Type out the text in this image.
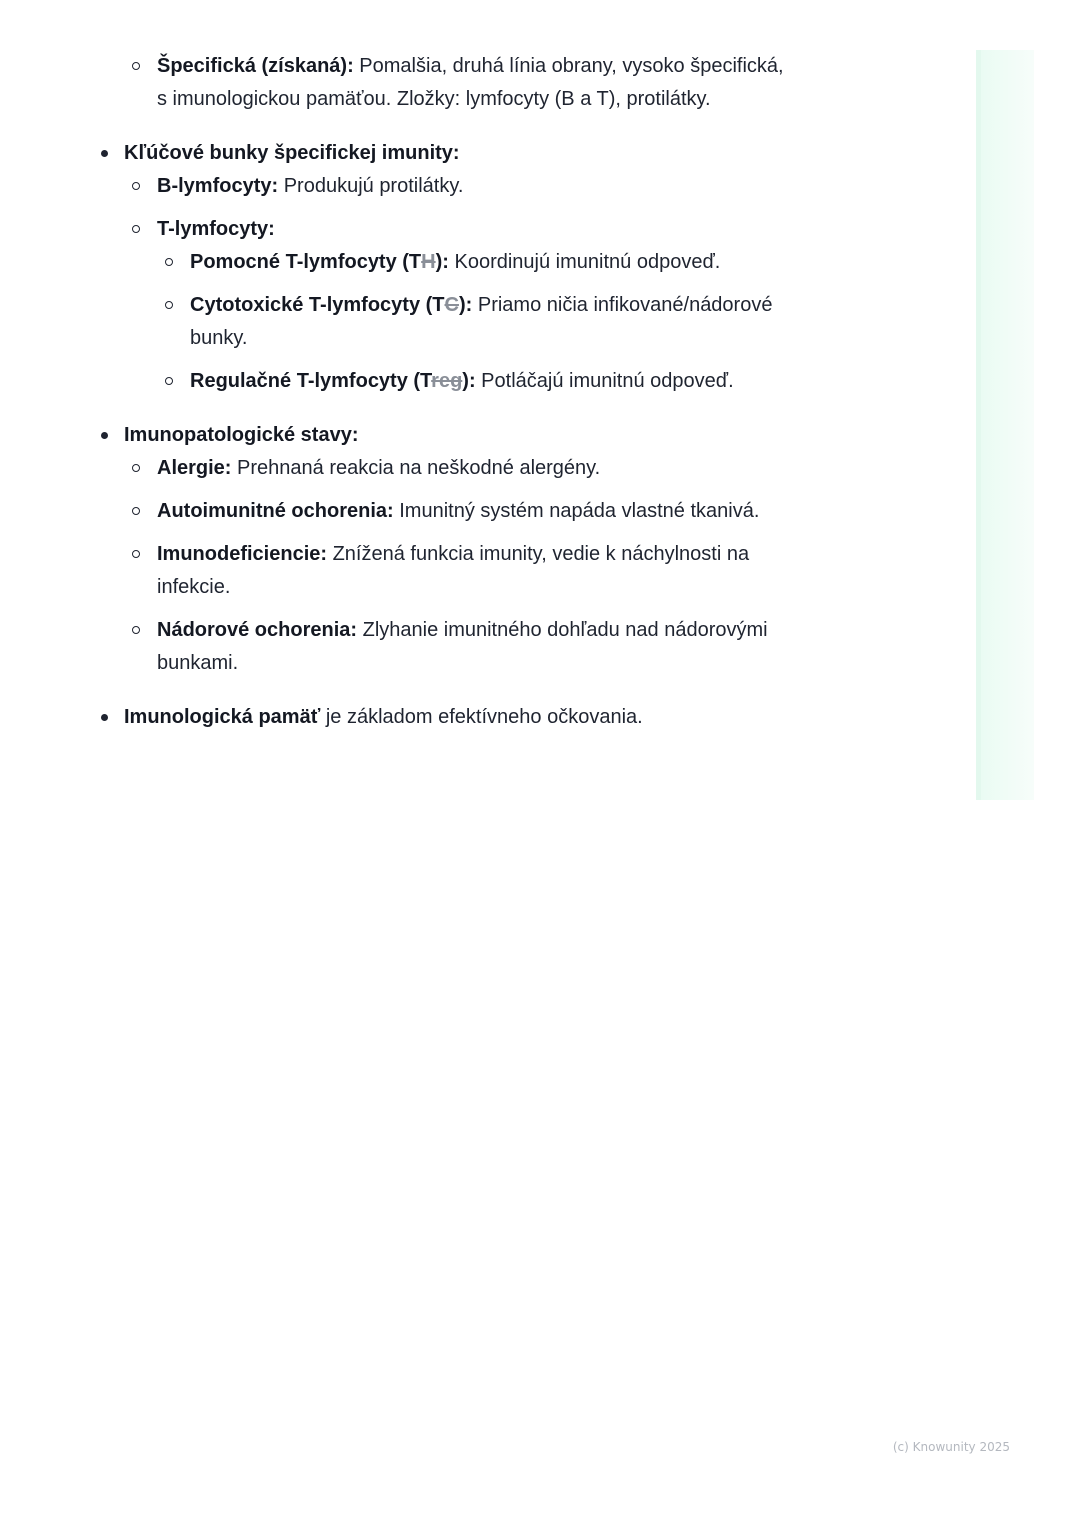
Špecifická (získaná): Pomalšia, druhá línia obrany, vysoko špecifická,
s imunologickou pamäťou. Zložky: lymfocyty (B a T), protilátky.
Kľúčové bunky špecifickej imunity:
B-lymfocyty: Produkujú protilátky.
T-lymfocyty:
Pomocné T-lymfocyty (TH): Koordinujú imunitnú odpoveď.
Cytotoxické T-lymfocyty (TC): Priamo ničia infikované/nádorové
bunky.
Regulačné T-lymfocyty (Treg): Potláčajú imunitnú odpoveď.
Imunopatologické stavy:
Alergie: Prehnaná reakcia na neškodné alergény.
Autoimunitné ochorenia: Imunitný systém napáda vlastné tkanivá.
Imunodeficiencie: Znížená funkcia imunity, vedie k náchylnosti na
infekcie.
Nádorové ochorenia: Zlyhanie imunitného dohľadu nad nádorovými
bunkami.
Imunologická pamäť je základom efektívneho očkovania.
(c) Knowunity 2025
